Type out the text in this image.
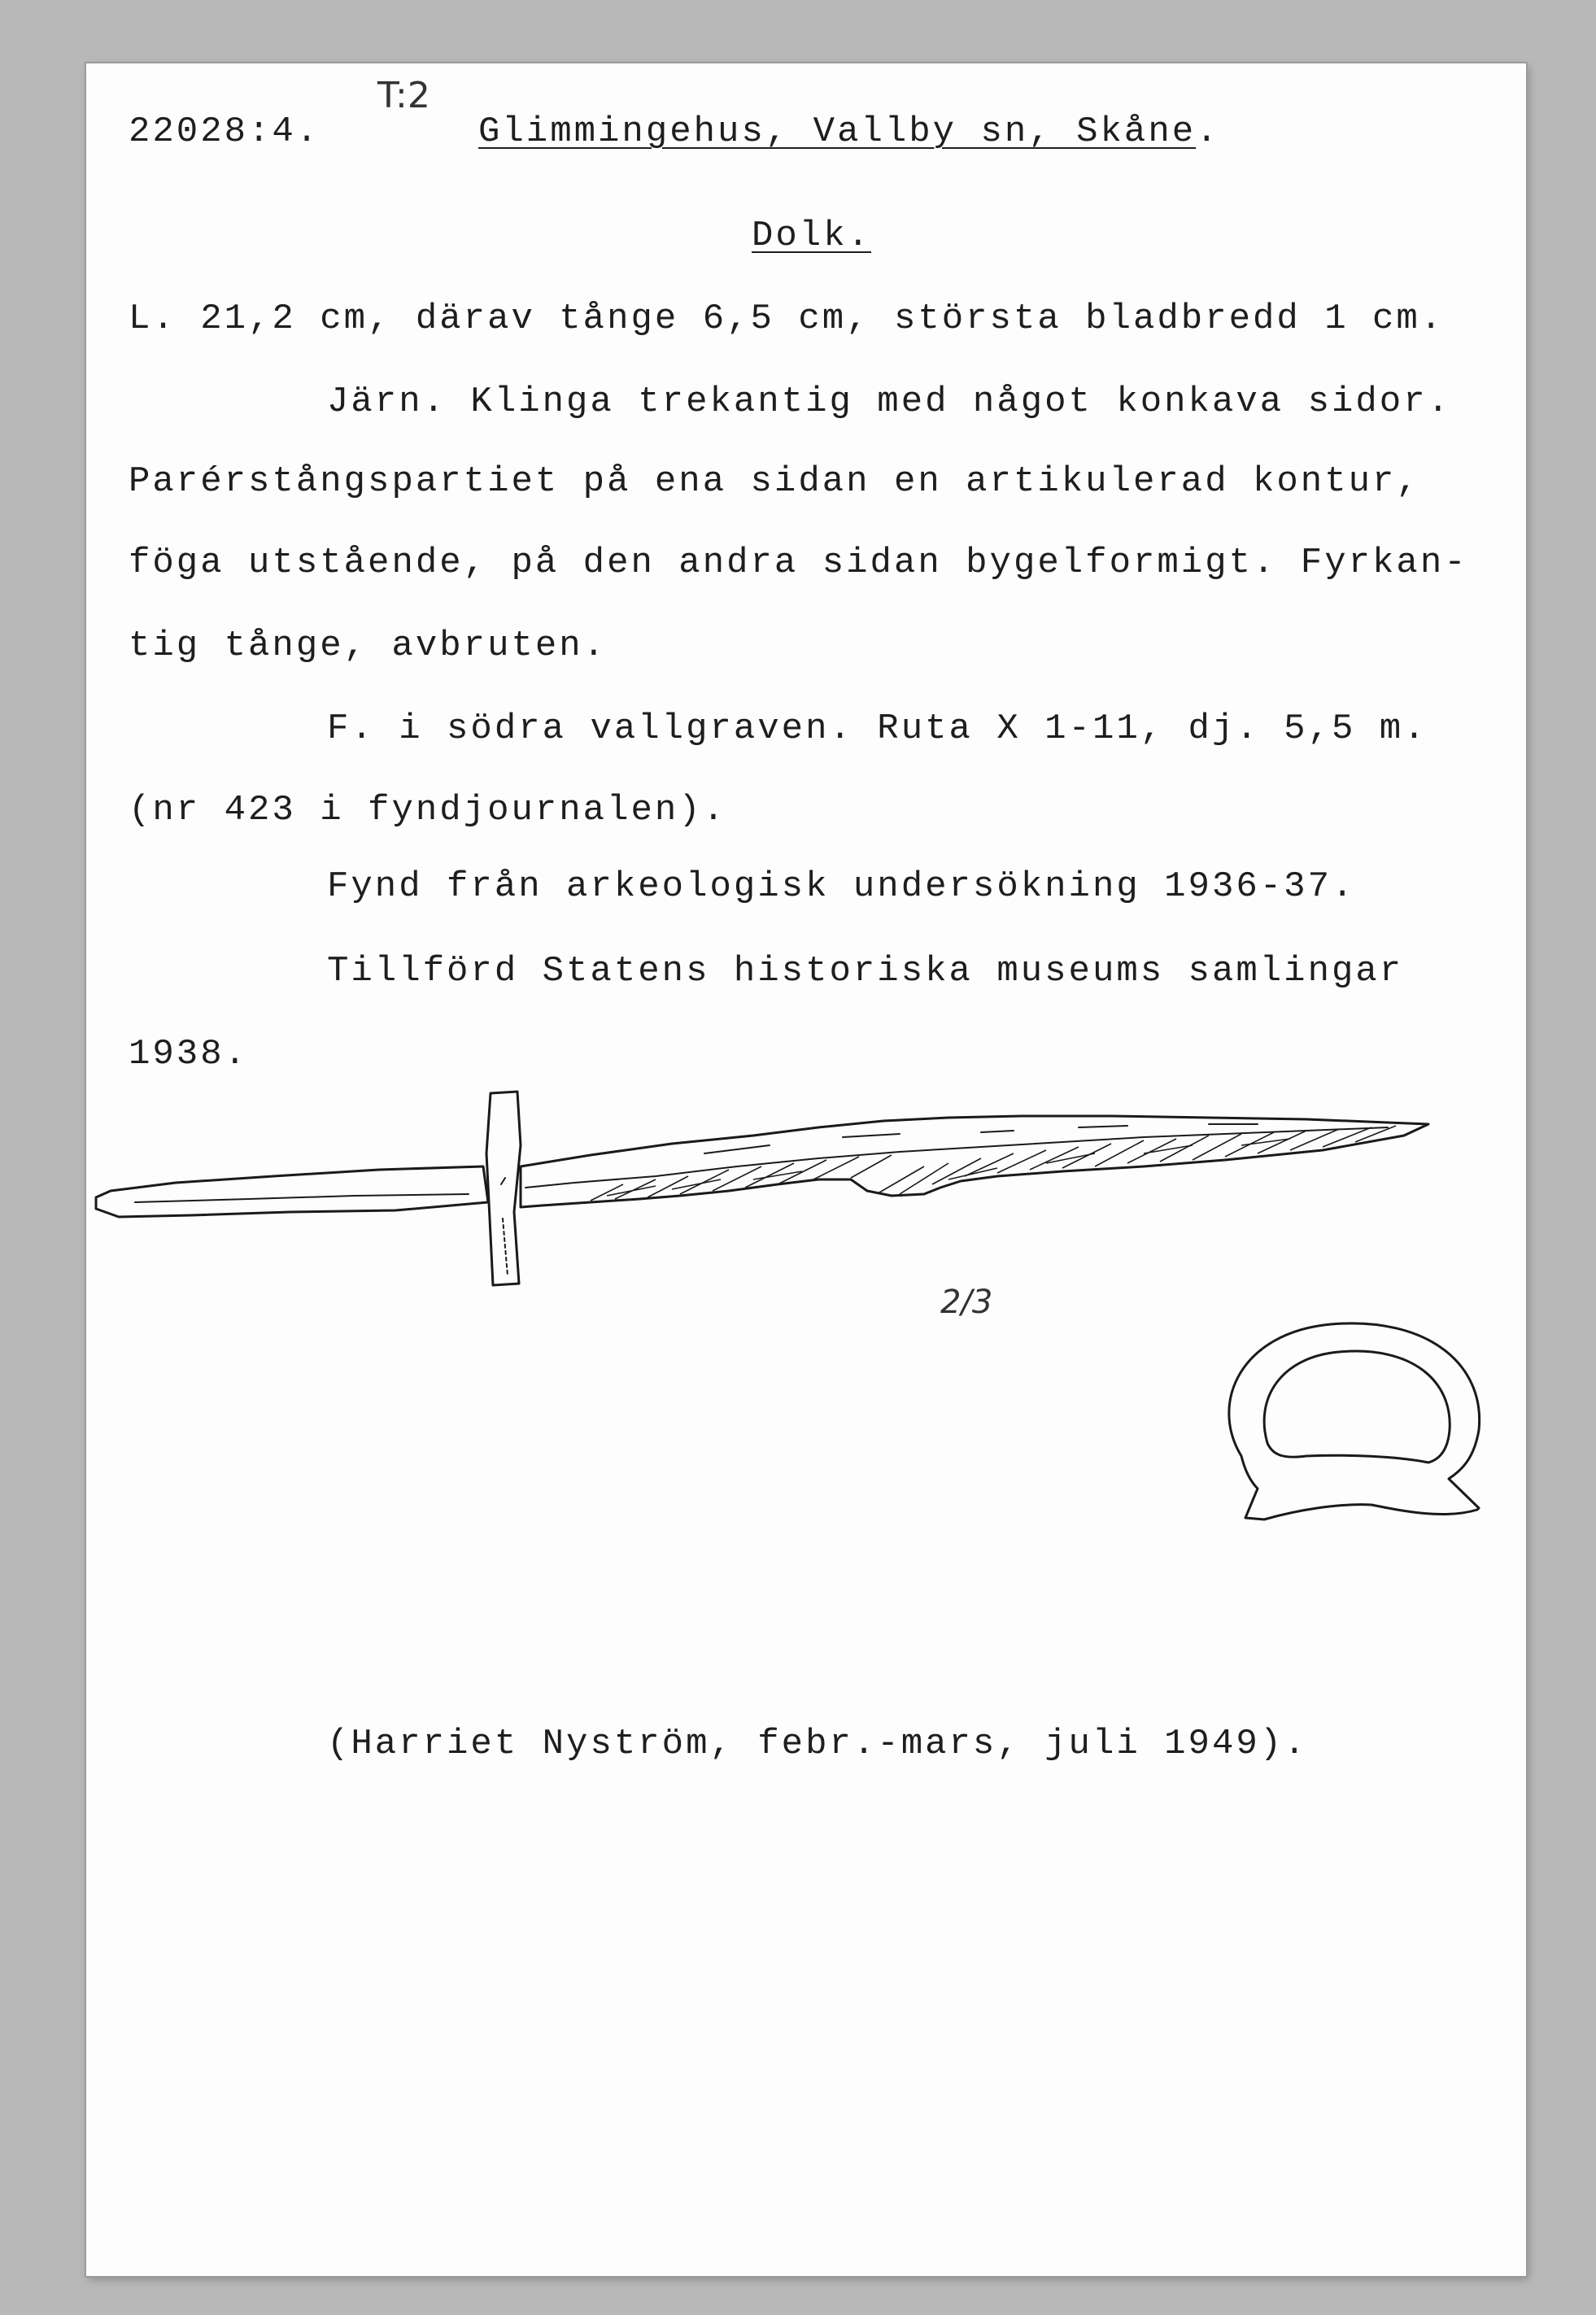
22028:4.
T:2
Glimmingehus, Vallby sn, Skåne.
Dolk.
L. 21,2 cm, därav tånge 6,5 cm, största bladbredd 1 cm.
Järn. Klinga trekantig med något konkava sidor.
Parérstångspartiet på ena sidan en artikulerad kontur,
föga utstående, på den andra sidan bygelformigt. Fyrkan-
tig tånge, avbruten.
F. i södra vallgraven. Ruta X 1-11, dj. 5,5 m.
(nr 423 i fyndjournalen).
Fynd från arkeologisk undersökning 1936-37.
Tillförd Statens historiska museums samlingar
1938.
2/3
(Harriet Nyström, febr.-mars, juli 1949).
